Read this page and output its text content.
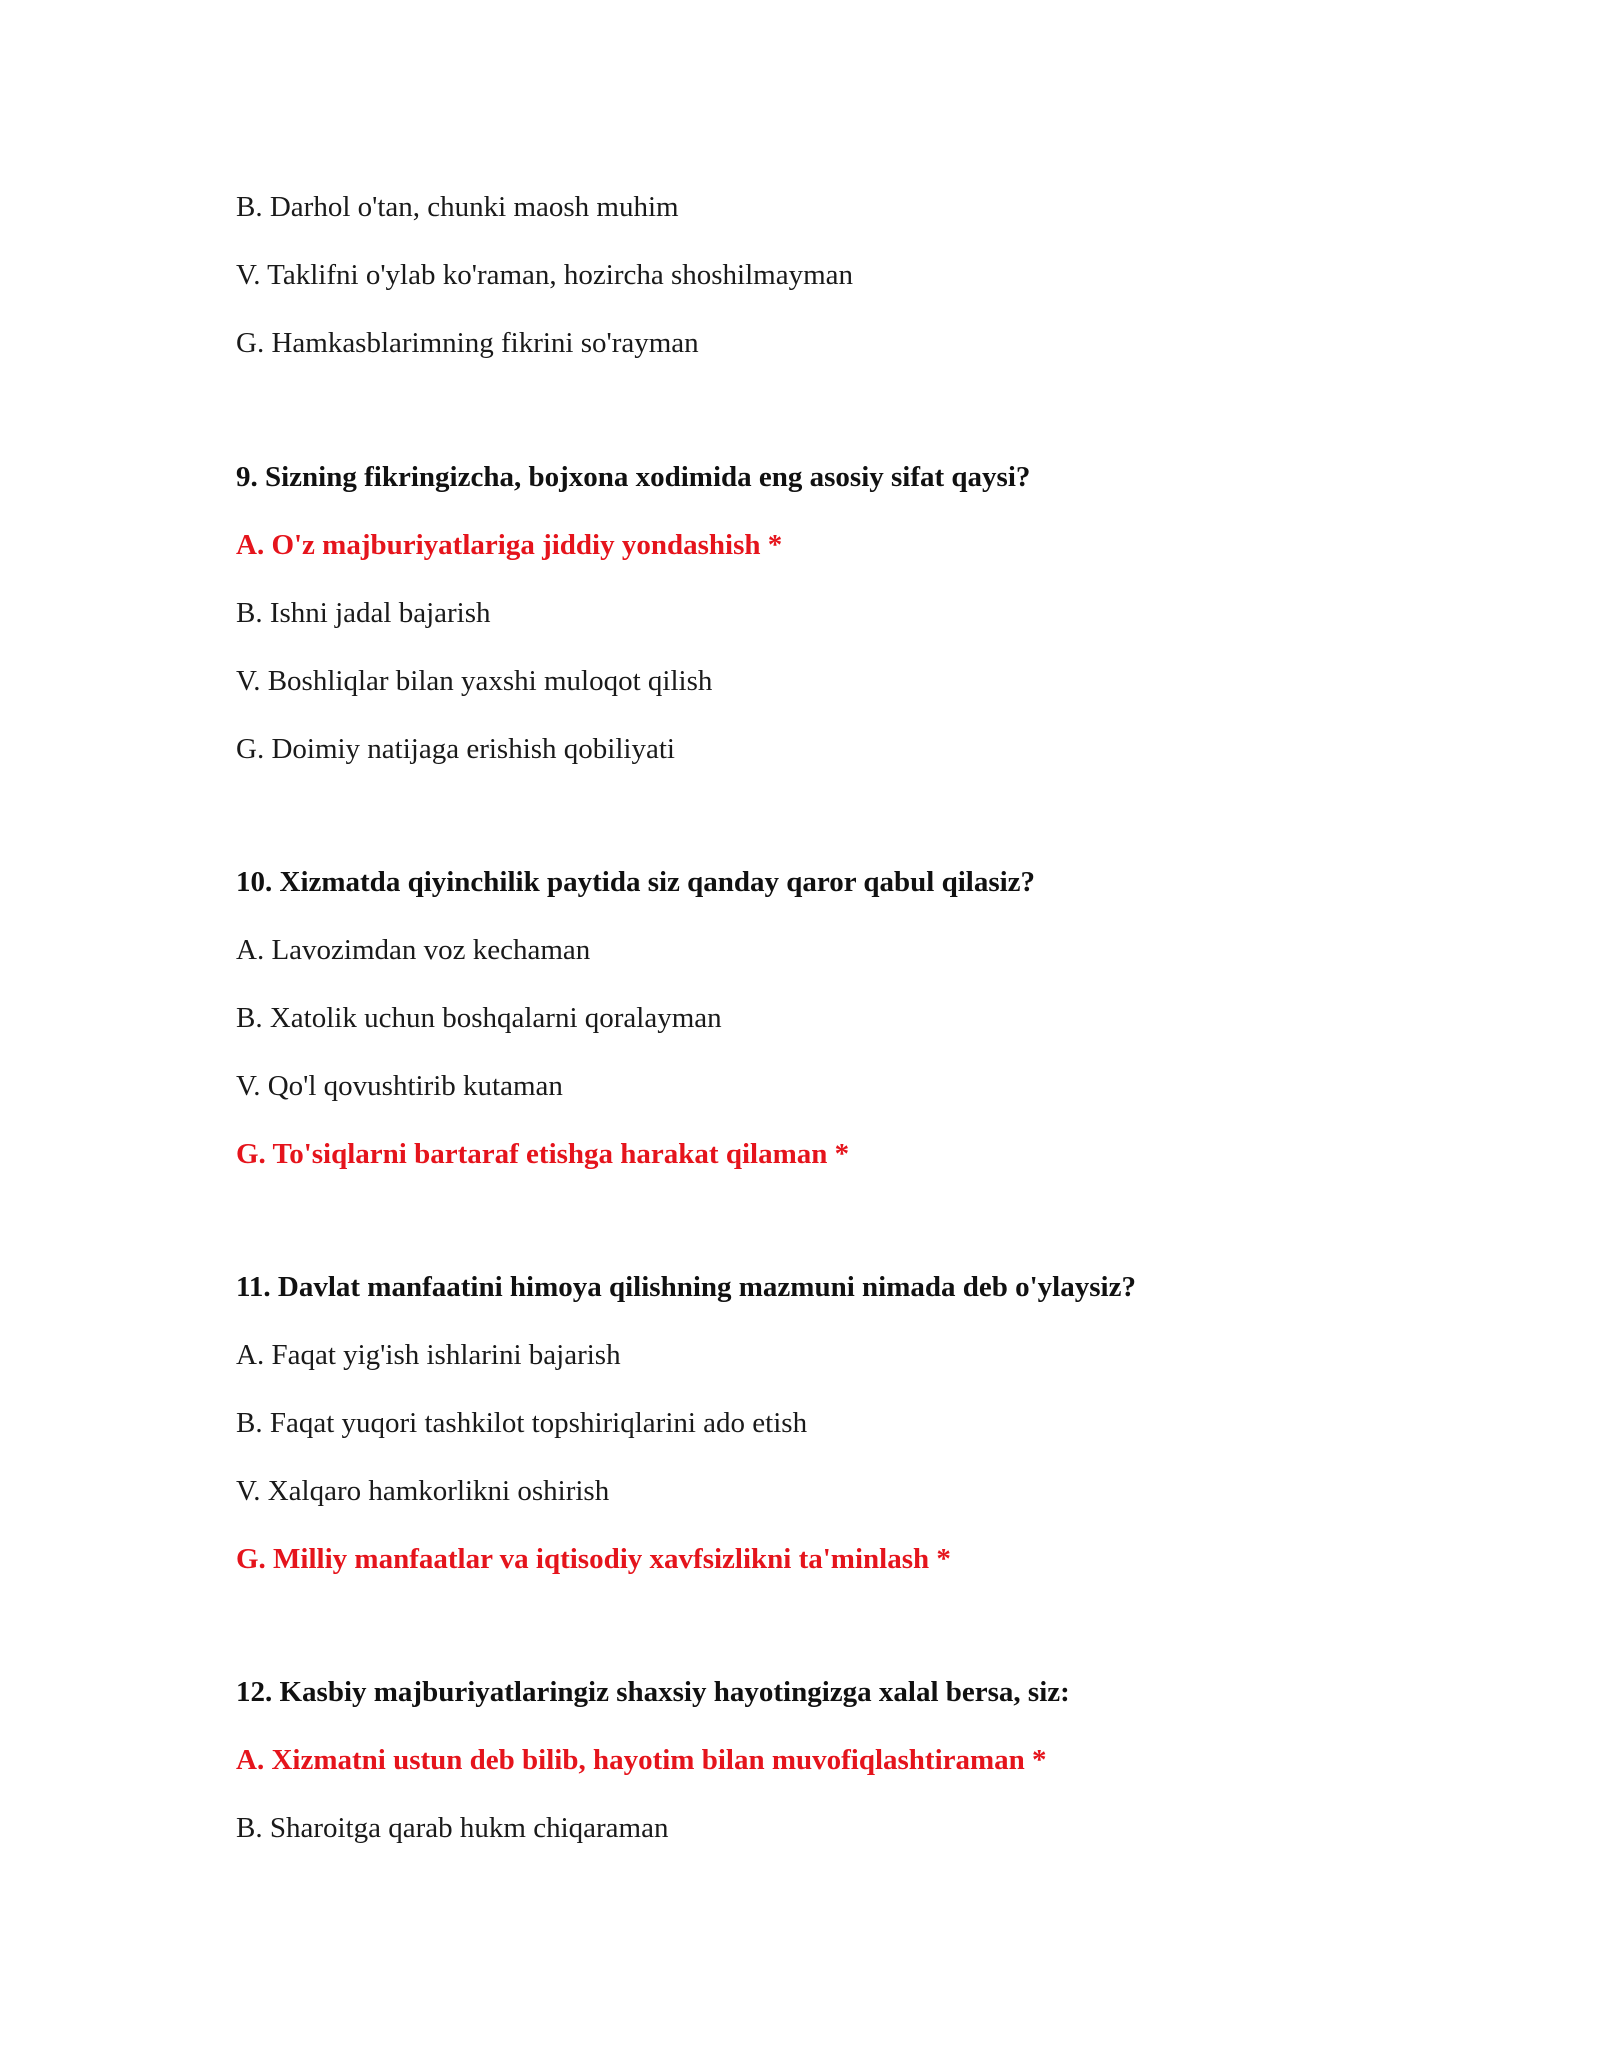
B. Darhol o'tan, chunki maosh muhim
V. Taklifni o'ylab ko'raman, hozircha shoshilmayman
G. Hamkasblarimning fikrini so'rayman
9. Sizning fikringizcha, bojxona xodimida eng asosiy sifat qaysi?
A. O'z majburiyatlariga jiddiy yondashish *
B. Ishni jadal bajarish
V. Boshliqlar bilan yaxshi muloqot qilish
G. Doimiy natijaga erishish qobiliyati
10. Xizmatda qiyinchilik paytida siz qanday qaror qabul qilasiz?
A. Lavozimdan voz kechaman
B. Xatolik uchun boshqalarni qoralayman
V. Qo'l qovushtirib kutaman
G. To'siqlarni bartaraf etishga harakat qilaman *
11. Davlat manfaatini himoya qilishning mazmuni nimada deb o'ylaysiz?
A. Faqat yig'ish ishlarini bajarish
B. Faqat yuqori tashkilot topshiriqlarini ado etish
V. Xalqaro hamkorlikni oshirish
G. Milliy manfaatlar va iqtisodiy xavfsizlikni ta'minlash *
12. Kasbiy majburiyatlaringiz shaxsiy hayotingizga xalal bersa, siz:
A. Xizmatni ustun deb bilib, hayotim bilan muvofiqlashtiraman *
B. Sharoitga qarab hukm chiqaraman
